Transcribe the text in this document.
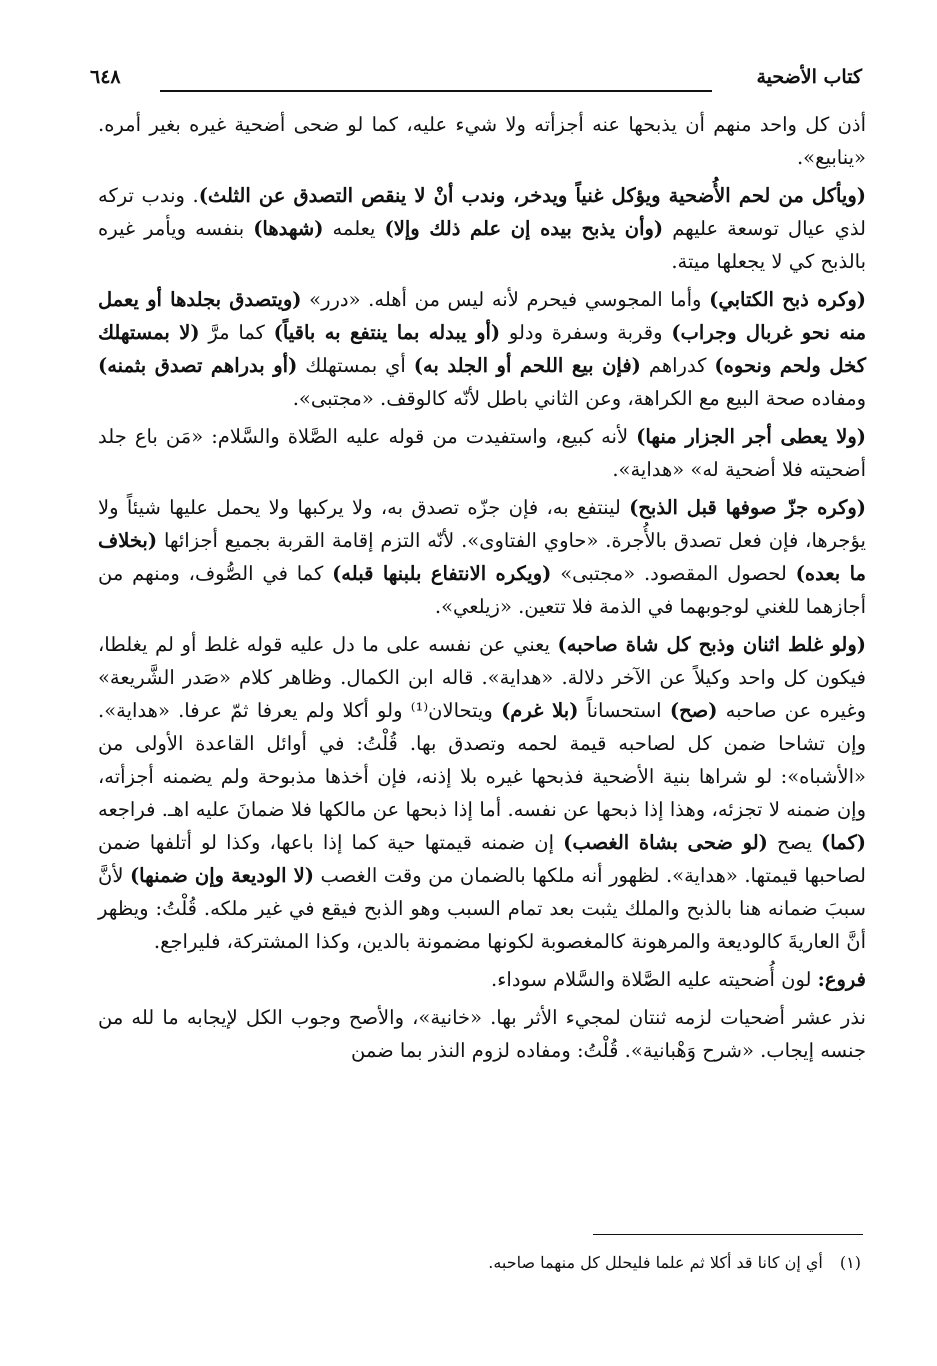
كتاب الأضحية
٦٤٨

أذن كل واحد منهم أن يذبحها عنه أجزأته ولا شيء عليه، كما لو ضحى أضحية غيره بغير أمره. «ينابيع».

(ويأكل من لحم الأُضحية ويؤكل غنياً ويدخر، وندب أنْ لا ينقص التصدق عن الثلث). وندب تركه لذي عيال توسعة عليهم (وأن يذبح بيده إن علم ذلك وإلا) يعلمه (شهدها) بنفسه ويأمر غيره بالذبح كي لا يجعلها ميتة.

(وكره ذبح الكتابي) وأما المجوسي فيحرم لأنه ليس من أهله. «درر» (ويتصدق بجلدها أو يعمل منه نحو غربال وجراب) وقربة وسفرة ودلو (أو يبدله بما ينتفع به باقياً) كما مرَّ (لا بمستهلك كخل ولحم ونحوه) كدراهم (فإن بيع اللحم أو الجلد به) أي بمستهلك (أو بدراهم تصدق بثمنه) ومفاده صحة البيع مع الكراهة، وعن الثاني باطل لأنّه كالوقف. «مجتبى».

(ولا يعطى أجر الجزار منها) لأنه كبيع، واستفيدت من قوله عليه الصَّلاة والسَّلام: «مَن باع جلد أضحيته فلا أضحية له» «هداية».

(وكره جزّ صوفها قبل الذبح) لينتفع به، فإن جزّه تصدق به، ولا يركبها ولا يحمل عليها شيئاً ولا يؤجرها، فإن فعل تصدق بالأُجرة. «حاوي الفتاوى». لأنّه التزم إقامة القربة بجميع أجزائها (بخلاف ما بعده) لحصول المقصود. «مجتبى» (ويكره الانتفاع بلبنها قبله) كما في الصُّوف، ومنهم من أجازهما للغني لوجوبهما في الذمة فلا تتعين. «زيلعي».

(ولو غلط اثنان وذبح كل شاة صاحبه) يعني عن نفسه على ما دل عليه قوله غلط أو لم يغلطا، فيكون كل واحد وكيلاً عن الآخر دلالة. «هداية». قاله ابن الكمال. وظاهر كلام «صَدر الشَّريعة» وغيره عن صاحبه (صح) استحساناً (بلا غرم) ويتحالان⁽¹⁾ ولو أكلا ولم يعرفا ثمّ عرفا. «هداية». وإن تشاحا ضمن كل لصاحبه قيمة لحمه وتصدق بها. قُلْتُ: في أوائل القاعدة الأولى من «الأشباه»: لو شراها بنية الأضحية فذبحها غيره بلا إذنه، فإن أخذها مذبوحة ولم يضمنه أجزأته، وإن ضمنه لا تجزئه، وهذا إذا ذبحها عن نفسه. أما إذا ذبحها عن مالكها فلا ضمانَ عليه اهـ. فراجعه (كما) يصح (لو ضحى بشاة الغصب) إن ضمنه قيمتها حية كما إذا باعها، وكذا لو أتلفها ضمن لصاحبها قيمتها. «هداية». لظهور أنه ملكها بالضمان من وقت الغصب (لا الوديعة وإن ضمنها) لأنَّ سببَ ضمانه هنا بالذبح والملك يثبت بعد تمام السبب وهو الذبح فيقع في غير ملكه. قُلْتُ: ويظهر أنَّ العاريةَ كالوديعة والمرهونة كالمغصوبة لكونها مضمونة بالدين، وكذا المشتركة، فليراجع.

فروع: لون أُضحيته عليه الصَّلاة والسَّلام سوداء.

نذر عشر أضحيات لزمه ثنتان لمجيء الأثر بها. «خانية»، والأصح وجوب الكل لإيجابه ما لله من جنسه إيجاب. «شرح وَهْبانية». قُلْتُ: ومفاده لزوم النذر بما ضمن

(١) أي إن كانا قد أكلا ثم علما فليحلل كل منهما صاحبه.
